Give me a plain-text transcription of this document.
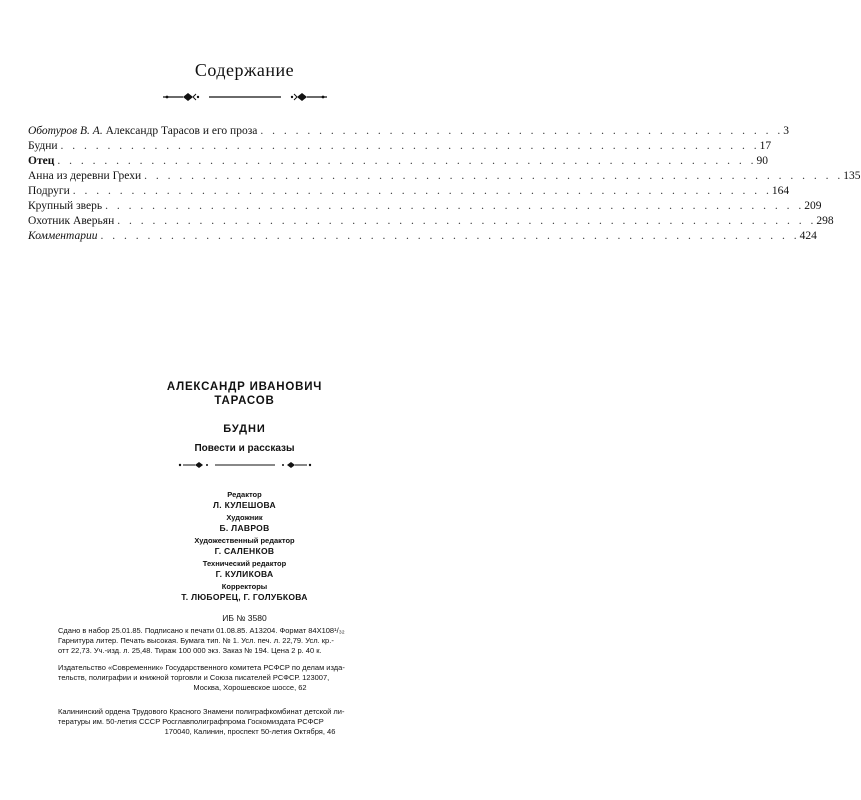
Содержание
Оботуров В. А. Александр Тарасов и его проза . . . . . . . . . . . . . . . . . . . . . . . . . . . . . . . . . . . . . . . . . . . . . 3
Будни . . . . . . . . . . . . . . . . . . . . . . . . . . . . . . . . . . . . . . . . . . . . . . . . . . . . . . . . . . . . 17
Отец . . . . . . . . . . . . . . . . . . . . . . . . . . . . . . . . . . . . . . . . . . . . . . . . . . . . . . . . . . . . 90
Анна из деревни Грехи . . . . . . . . . . . . . . . . . . . . . . . . . . . . . . . . . . . . . . . . . . . . . . . . . . . . . . . . . . . . 135
Подруги . . . . . . . . . . . . . . . . . . . . . . . . . . . . . . . . . . . . . . . . . . . . . . . . . . . . . . . . . . . . 164
Крупный зверь . . . . . . . . . . . . . . . . . . . . . . . . . . . . . . . . . . . . . . . . . . . . . . . . . . . . . . . . . . . . 209
Охотник Аверьян . . . . . . . . . . . . . . . . . . . . . . . . . . . . . . . . . . . . . . . . . . . . . . . . . . . . . . . . . . . . 298
Комментарии . . . . . . . . . . . . . . . . . . . . . . . . . . . . . . . . . . . . . . . . . . . . . . . . . . . . . . . . . . . . 424
АЛЕКСАНДР ИВАНОВИЧ
ТАРАСОВ
БУДНИ
Повести и рассказы
Редактор
Л. КУЛЕШОВА
Художник
Б. ЛАВРОВ
Художественный редактор
Г. САЛЕНКОВ
Технический редактор
Г. КУЛИКОВА
Корректоры
Т. ЛЮБОРЕЦ, Г. ГОЛУБКОВА
ИБ № 3580
Сдано в набор 25.01.85. Подписано к печати 01.08.85. А13204. Формат 84Х108¹/₃₂
Гарнитура литер. Печать высокая. Бумага тип. № 1. Усл. печ. л. 22,79. Усл. кр.-
отт 22,73. Уч.-изд. л. 25,48. Тираж 100 000 экз. Заказ № 194. Цена 2 р. 40 к.
Издательство «Современник» Государственного комитета РСФСР по делам изда-
тельств, полиграфии и книжной торговли и Союза писателей РСФСР. 123007,
Москва, Хорошевское шоссе, 62
Калининский ордена Трудового Красного Знамени полиграфкомбинат детской ли-
тературы им. 50-летия СССР Росглавполиграфпрома Госкомиздата РСФСР
170040, Калинин, проспект 50-летия Октября, 46
